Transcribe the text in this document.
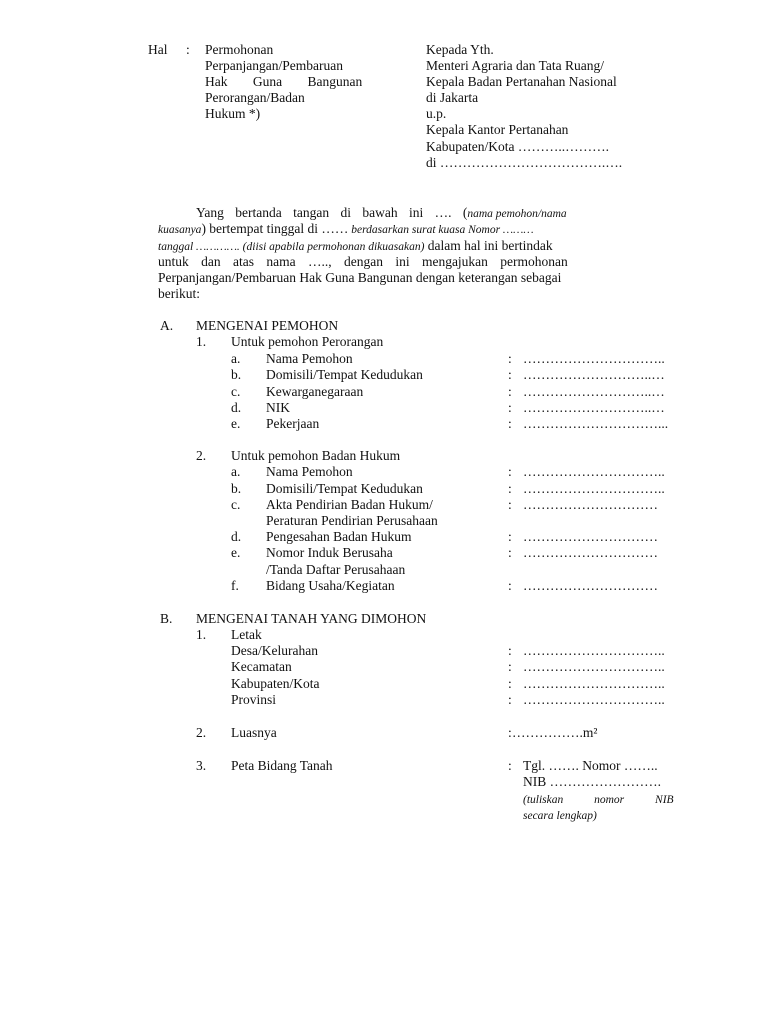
Hal : Permohonan
Perpanjangan/Pembaruan
Hak Guna Bangunan
Perorangan/Badan
Hukum *)
Kepada Yth.
Menteri Agraria dan Tata Ruang/
Kepala Badan Pertanahan Nasional
di Jakarta
u.p.
Kepala Kantor Pertanahan
Kabupaten/Kota ………..……….
di ……………………………….….
Yang bertanda tangan di bawah ini …. (nama pemohon/nama
kuasanya) bertempat tinggal di …… berdasarkan surat kuasa Nomor ………
tanggal …………. (diisi apabila permohonan dikuasakan) dalam hal ini bertindak
untuk dan atas nama ….., dengan ini mengajukan permohonan
Perpanjangan/Pembaruan Hak Guna Bangunan dengan keterangan sebagai
berikut:
A. MENGENAI PEMOHON
1. Untuk pemohon Perorangan
a. Nama Pemohon	: …………………………..
b. Domisili/Tempat Kedudukan	: ………………………..…
c. Kewarganegaraan	: ………………………..…
d. NIK	: ………………………..…
e. Pekerjaan	: …………………………...
2. Untuk pemohon Badan Hukum
a. Nama Pemohon	: …………………………..
b. Domisili/Tempat Kedudukan	: …………………………..
c. Akta Pendirian Badan Hukum/
Peraturan Pendirian Perusahaan
: …………………………
d. Pengesahan Badan Hukum	: …………………………
e. Nomor Induk Berusaha
/Tanda Daftar Perusahaan
: …………………………
f. Bidang Usaha/Kegiatan	: …………………………
B. MENGENAI TANAH YANG DIMOHON
1. Letak
Desa/Kelurahan	: …………………………..
Kecamatan	: …………………………..
Kabupaten/Kota	: …………………………..
Provinsi	: …………………………..
2. Luasnya	: …………….m²
3. Peta Bidang Tanah	: Tgl. ……. Nomor ……..
NIB …………………….
(tuliskan nomor NIB
secara lengkap)
